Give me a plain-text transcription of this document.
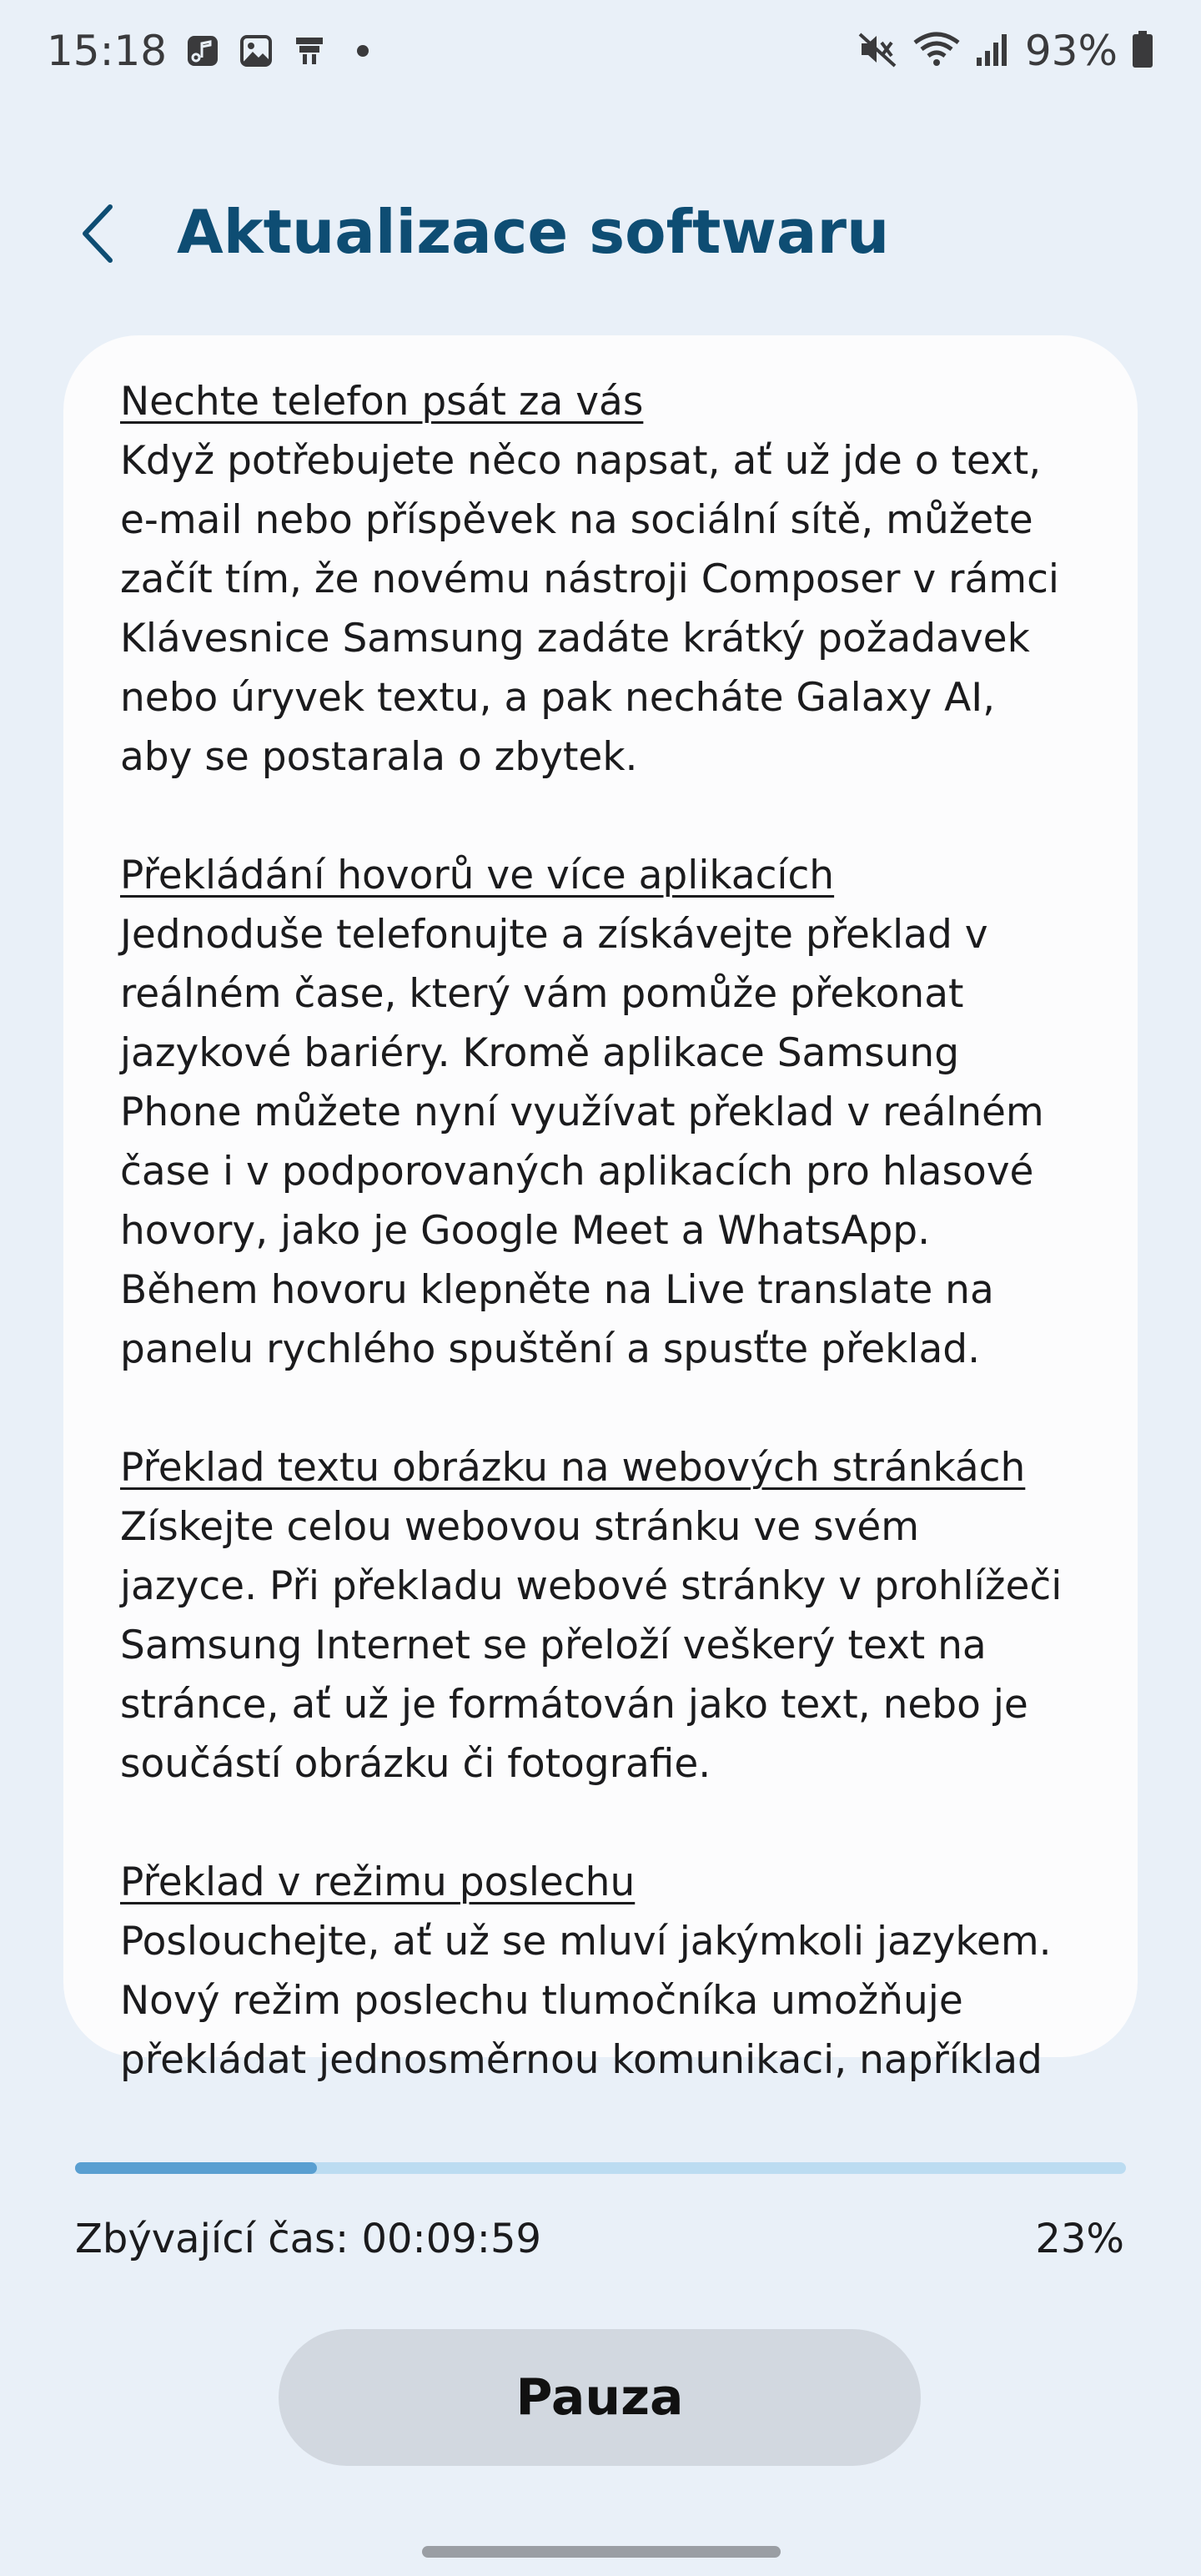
15:18	93%
Aktualizace softwaru
Nechte telefon psát za vás
Když potřebujete něco napsat, ať už jde o text,
e-mail nebo příspěvek na sociální sítě, můžete
začít tím, že novému nástroji Composer v rámci
Klávesnice Samsung zadáte krátký požadavek
nebo úryvek textu, a pak necháte Galaxy AI,
aby se postarala o zbytek.
Překládání hovorů ve více aplikacích
Jednoduše telefonujte a získávejte překlad v
reálném čase, který vám pomůže překonat
jazykové bariéry. Kromě aplikace Samsung
Phone můžete nyní využívat překlad v reálném
čase i v podporovaných aplikacích pro hlasové
hovory, jako je Google Meet a WhatsApp.
Během hovoru klepněte na Live translate na
panelu rychlého spuštění a spusťte překlad.
Překlad textu obrázku na webových stránkách
Získejte celou webovou stránku ve svém
jazyce. Při překladu webové stránky v prohlížeči
Samsung Internet se přeloží veškerý text na
stránce, ať už je formátován jako text, nebo je
součástí obrázku či fotografie.
Překlad v režimu poslechu
Poslouchejte, ať už se mluví jakýmkoli jazykem.
Nový režim poslechu tlumočníka umožňuje
překládat jednosměrnou komunikaci, například
Zbývající čas: 00:09:59	23%
Pauza
